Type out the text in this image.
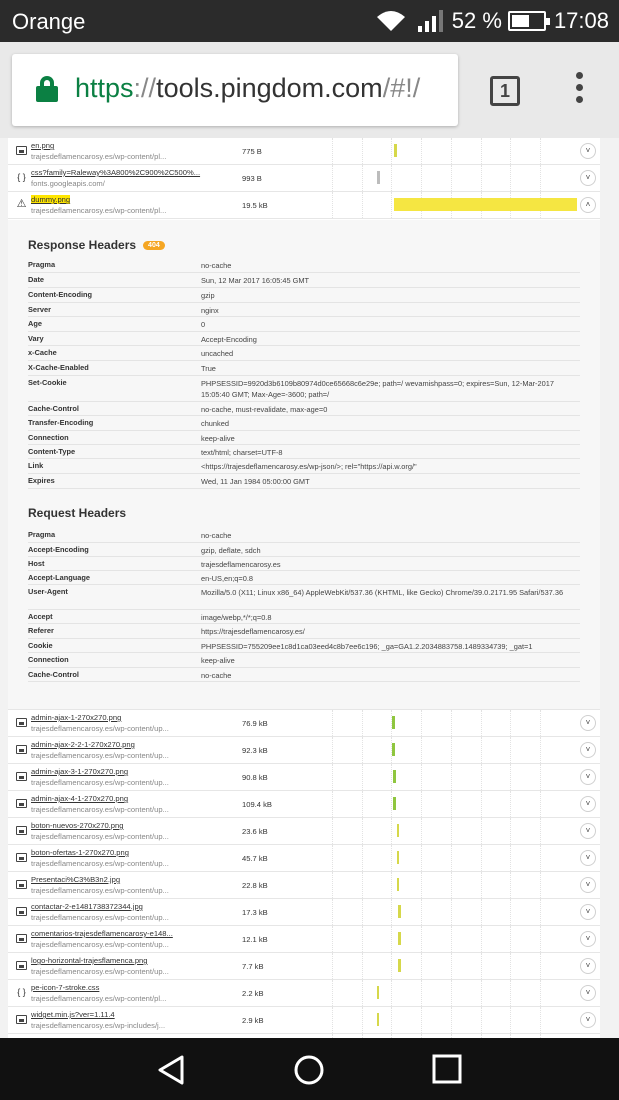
Orange	52 % 17:08
https://tools.pingdom.com/#!/	1
en.png
trajesdeflamencarosy.es/wp-content/pl...
775 B	˅
{ } css?family=Raleway%3A800%2C900%2C500%...
fonts.googleapis.com/
993 B	˅
⚠ dummy.png
trajesdeflamencarosy.es/wp-content/pl...
19.5 kB	˄
Response Headers 404
Pragma	no-cache
Date	Sun, 12 Mar 2017 16:05:45 GMT
Content-Encoding	gzip
Server	nginx
Age	0
Vary	Accept-Encoding
x-Cache	uncached
X-Cache-Enabled	True
Set-Cookie	PHPSESSID=9920d3b6109b80974d0ce65668c6e29e; path=/ wevamishpass=0; expires=Sun, 12-Mar-2017 15:05:40 GMT; Max-Age=-3600; path=/
Cache-Control	no-cache, must-revalidate, max-age=0
Transfer-Encoding	chunked
Connection	keep-alive
Content-Type	text/html; charset=UTF-8
Link	<https://trajesdeflamencarosy.es/wp-json/>; rel="https://api.w.org/"
Expires	Wed, 11 Jan 1984 05:00:00 GMT
Request Headers
Pragma	no-cache
Accept-Encoding	gzip, deflate, sdch
Host	trajesdeflamencarosy.es
Accept-Language	en-US,en;q=0.8
User-Agent	Mozilla/5.0 (X11; Linux x86_64) AppleWebKit/537.36 (KHTML, like Gecko) Chrome/39.0.2171.95 Safari/537.36
Accept	image/webp,*/*;q=0.8
Referer	https://trajesdeflamencarosy.es/
Cookie	PHPSESSID=755209ee1c8d1ca03eed4c8b7ee6c196; _ga=GA1.2.2034883758.1489334739; _gat=1
Connection	keep-alive
Cache-Control	no-cache
admin-ajax-1-270x270.png
trajesdeflamencarosy.es/wp-content/up...
76.9 kB	˅
admin-ajax-2-2-1-270x270.png
trajesdeflamencarosy.es/wp-content/up...
92.3 kB	˅
admin-ajax-3-1-270x270.png
trajesdeflamencarosy.es/wp-content/up...
90.8 kB	˅
admin-ajax-4-1-270x270.png
trajesdeflamencarosy.es/wp-content/up...
109.4 kB	˅
boton-nuevos-270x270.png
trajesdeflamencarosy.es/wp-content/up...
23.6 kB	˅
boton-ofertas-1-270x270.png
trajesdeflamencarosy.es/wp-content/up...
45.7 kB	˅
Presentaci%C3%B3n2.jpg
trajesdeflamencarosy.es/wp-content/up...
22.8 kB	˅
contactar-2-e1481738372344.jpg
trajesdeflamencarosy.es/wp-content/up...
17.3 kB	˅
comentarios-trajesdeflamencarosy-e148...
trajesdeflamencarosy.es/wp-content/up...
12.1 kB	˅
logo-horizontal-trajesflamenca.png
trajesdeflamencarosy.es/wp-content/up...
7.7 kB	˅
{ } pe-icon-7-stroke.css
trajesdeflamencarosy.es/wp-content/pl...
2.2 kB	˅
widget.min.js?ver=1.11.4
trajesdeflamencarosy.es/wp-includes/j...
2.9 kB	˅
